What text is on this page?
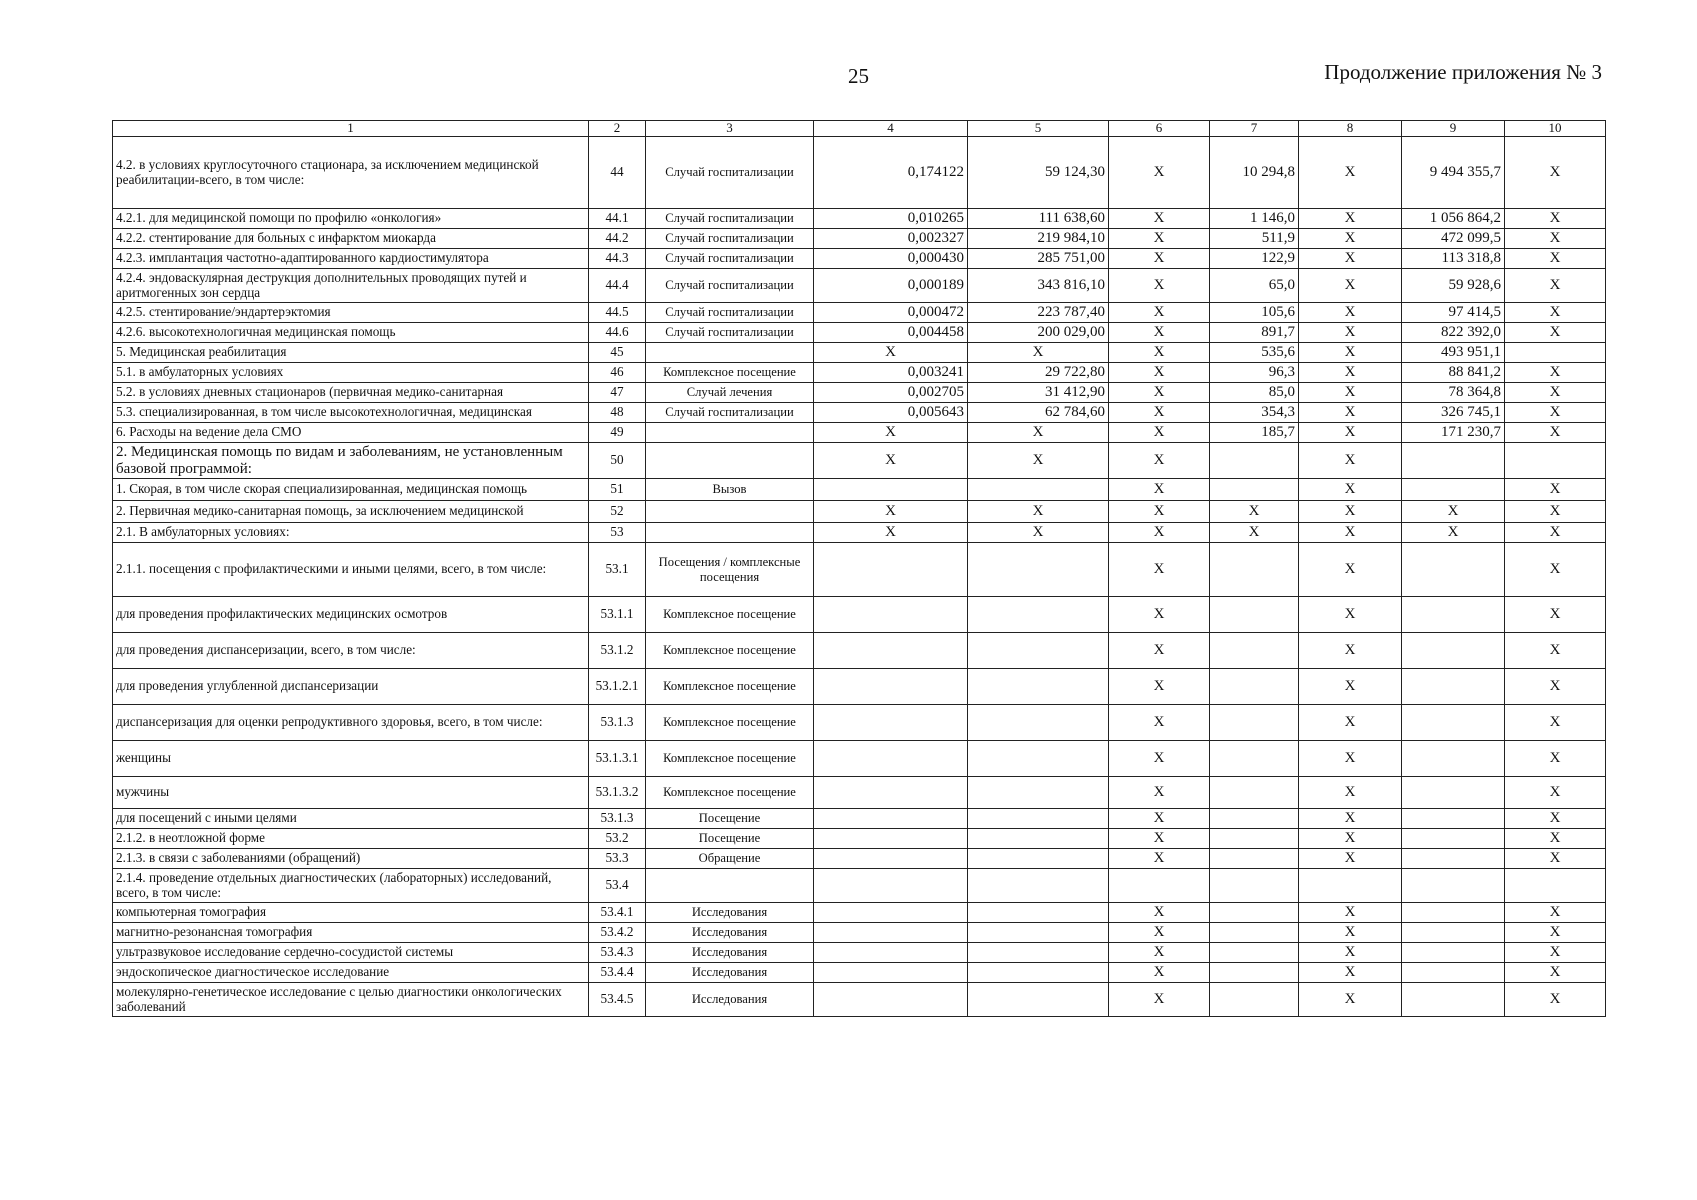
25	Продолжение приложения № 3
1	2	3	4	5	6	7	8	9	10
4.2. в условиях круглосуточного стационара, за исключением медицинской реабилитации-всего, в том числе:	44	Случай госпитализации	0,174122	59 124,30	X	10 294,8	X	9 494 355,7	X
4.2.1. для медицинской помощи по профилю «онкология»	44.1	Случай госпитализации	0,010265	111 638,60	X	1 146,0	X	1 056 864,2	X
4.2.2. стентирование для больных с инфарктом миокарда	44.2	Случай госпитализации	0,002327	219 984,10	X	511,9	X	472 099,5	X
4.2.3. имплантация частотно-адаптированного кардиостимулятора	44.3	Случай госпитализации	0,000430	285 751,00	X	122,9	X	113 318,8	X
4.2.4. эндоваскулярная деструкция дополнительных проводящих путей и аритмогенных зон сердца	44.4	Случай госпитализации	0,000189	343 816,10	X	65,0	X	59 928,6	X
4.2.5. стентирование/эндартерэктомия	44.5	Случай госпитализации	0,000472	223 787,40	X	105,6	X	97 414,5	X
4.2.6. высокотехнологичная медицинская помощь	44.6	Случай госпитализации	0,004458	200 029,00	X	891,7	X	822 392,0	X
5. Медицинская реабилитация	45		X	X	X	535,6	X	493 951,1	
5.1. в амбулаторных условиях	46	Комплексное посещение	0,003241	29 722,80	X	96,3	X	88 841,2	X
5.2. в условиях дневных стационаров (первичная медико-санитарная	47	Случай лечения	0,002705	31 412,90	X	85,0	X	78 364,8	X
5.3. специализированная, в том числе высокотехнологичная, медицинская	48	Случай госпитализации	0,005643	62 784,60	X	354,3	X	326 745,1	X
6. Расходы на ведение дела СМО	49		X	X	X	185,7	X	171 230,7	X
2. Медицинская помощь по видам и заболеваниям, не установленным базовой программой:	50		X	X	X		X		
1. Скорая, в том числе скорая специализированная, медицинская помощь	51	Вызов			X		X		X
2. Первичная медико-санитарная помощь, за исключением медицинской	52		X	X	X	X	X	X	X
2.1. В амбулаторных условиях:	53		X	X	X	X	X	X	X
2.1.1. посещения с профилактическими и иными целями, всего, в том числе:	53.1	Посещения / комплексные посещения			X		X		X
для проведения профилактических медицинских осмотров	53.1.1	Комплексное посещение			X		X		X
для проведения диспансеризации, всего, в том числе:	53.1.2	Комплексное посещение			X		X		X
для проведения углубленной диспансеризации	53.1.2.1	Комплексное посещение			X		X		X
диспансеризация для оценки репродуктивного здоровья, всего, в том числе:	53.1.3	Комплексное посещение			X		X		X
женщины	53.1.3.1	Комплексное посещение			X		X		X
мужчины	53.1.3.2	Комплексное посещение			X		X		X
для посещений с иными целями	53.1.3	Посещение			X		X		X
2.1.2. в неотложной форме	53.2	Посещение			X		X		X
2.1.3. в связи с заболеваниями (обращений)	53.3	Обращение			X		X		X
2.1.4. проведение отдельных диагностических (лабораторных) исследований, всего, в том числе:	53.4								
компьютерная томография	53.4.1	Исследования			X		X		X
магнитно-резонансная томография	53.4.2	Исследования			X		X		X
ультразвуковое исследование сердечно-сосудистой системы	53.4.3	Исследования			X		X		X
эндоскопическое диагностическое исследование	53.4.4	Исследования			X		X		X
молекулярно-генетическое исследование с целью диагностики онкологических заболеваний	53.4.5	Исследования			X		X		X
